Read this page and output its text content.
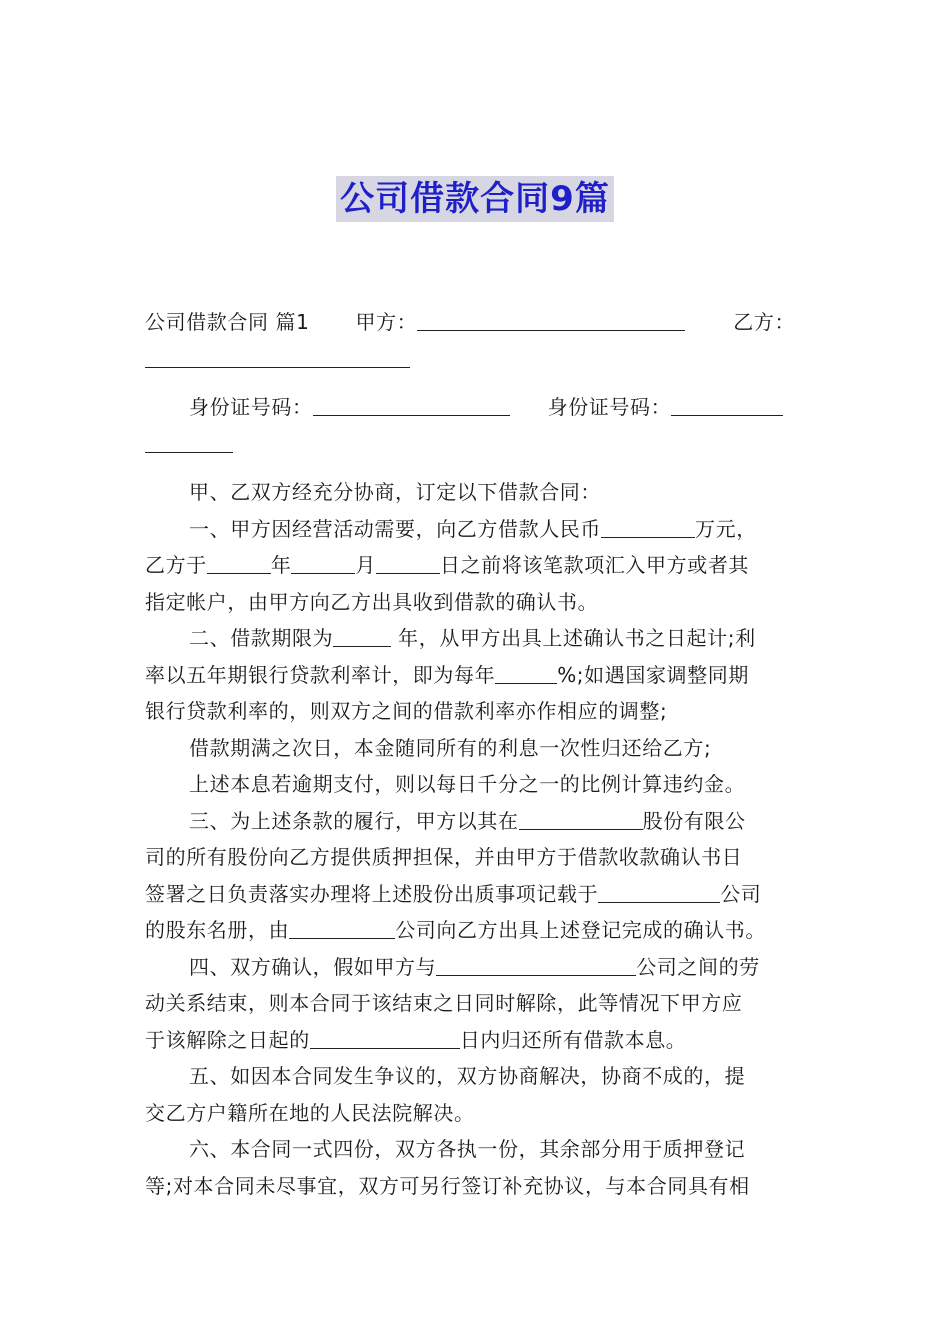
公司借款合同9篇
公司借款合同 篇1 甲方：	乙方：
身份证号码：	身份证号码：
甲、乙双方经充分协商，订定以下借款合同：
一、甲方因经营活动需要，向乙方借款人民币	万元，
乙方于	年	月	日之前将该笔款项汇入甲方或者其
指定帐户，由甲方向乙方出具收到借款的确认书。
二、借款期限为	年，从甲方出具上述确认书之日起计;利
率以五年期银行贷款利率计，即为每年	%;如遇国家调整同期
银行贷款利率的，则双方之间的借款利率亦作相应的调整;
借款期满之次日，本金随同所有的利息一次性归还给乙方;
上述本息若逾期支付，则以每日千分之一的比例计算违约金。
三、为上述条款的履行，甲方以其在	股份有限公
司的所有股份向乙方提供质押担保，并由甲方于借款收款确认书日
签署之日负责落实办理将上述股份出质事项记载于	公司
的股东名册，由	公司向乙方出具上述登记完成的确认书。
四、双方确认，假如甲方与	公司之间的劳
动关系结束，则本合同于该结束之日同时解除，此等情况下甲方应
于该解除之日起的	日内归还所有借款本息。
五、如因本合同发生争议的，双方协商解决，协商不成的，提
交乙方户籍所在地的人民法院解决。
六、本合同一式四份，双方各执一份，其余部分用于质押登记
等;对本合同未尽事宜，双方可另行签订补充协议，与本合同具有相
